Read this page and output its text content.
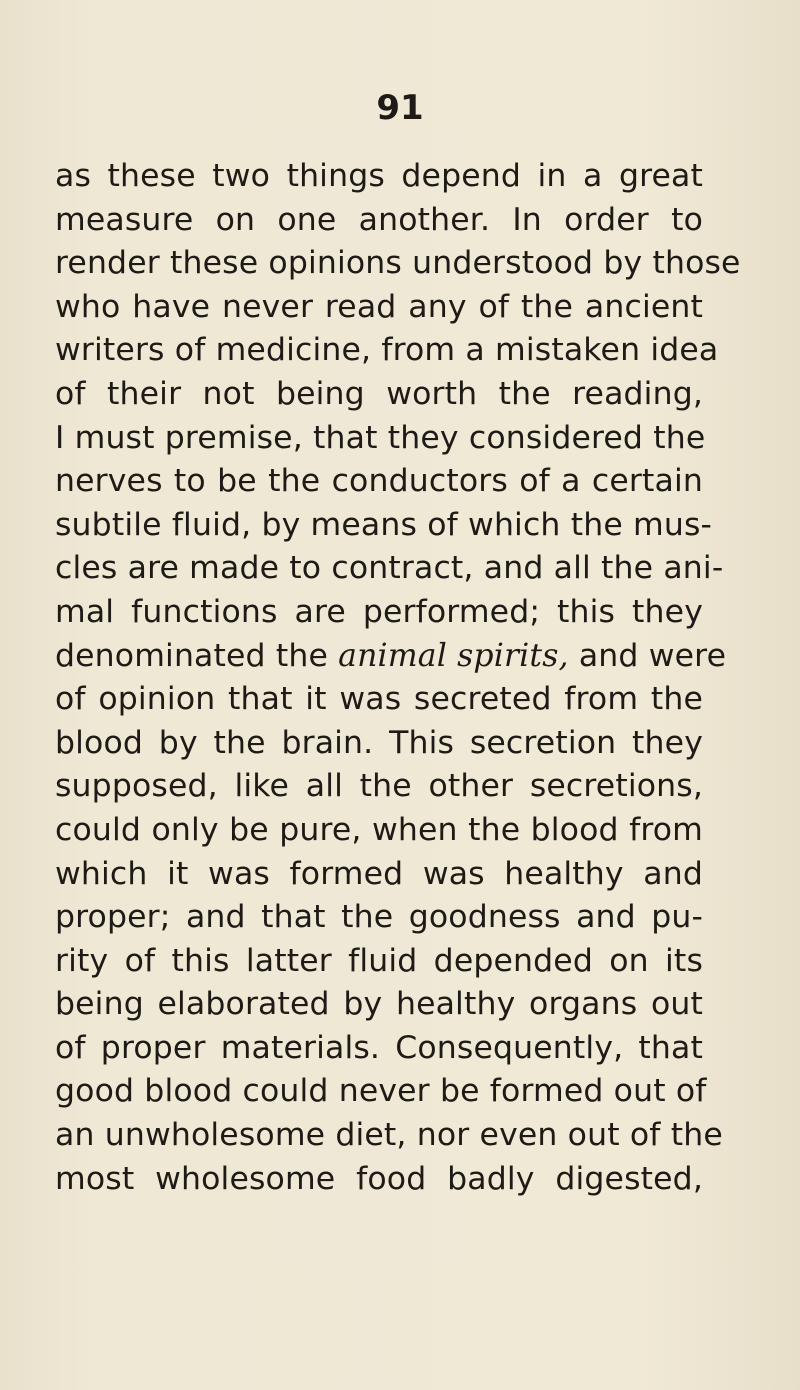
91
as these two things depend in a great
measure on one another. In order to
render these opinions understood by those
who have never read any of the ancient
writers of medicine, from a mistaken idea
of their not being worth the reading,
I must premise, that they considered the
nerves to be the conductors of a certain
subtile fluid, by means of which the mus-
cles are made to contract, and all the ani-
mal functions are performed; this they
denominated the animal spirits, and were
of opinion that it was secreted from the
blood by the brain. This secretion they
supposed, like all the other secretions,
could only be pure, when the blood from
which it was formed was healthy and
proper; and that the goodness and pu-
rity of this latter fluid depended on its
being elaborated by healthy organs out
of proper materials. Consequently, that
good blood could never be formed out of
an unwholesome diet, nor even out of the
most wholesome food badly digested,
